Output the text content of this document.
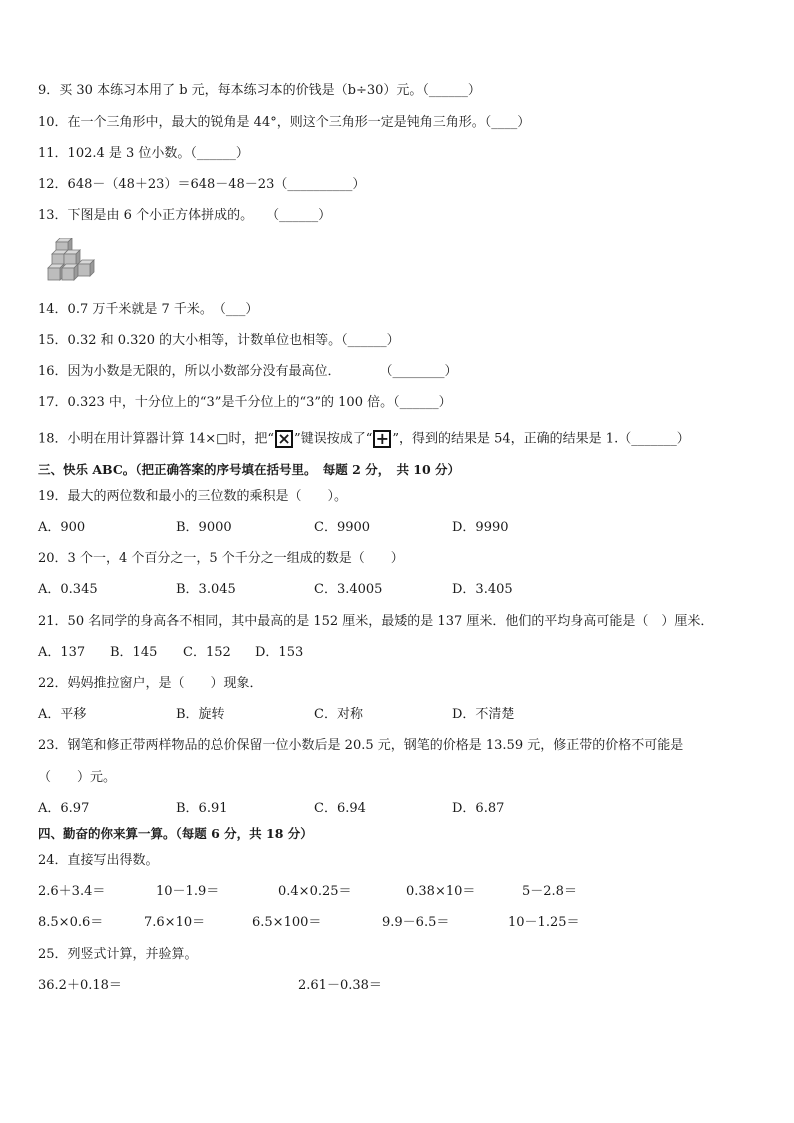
9．买 30 本练习本用了 b 元，每本练习本的价钱是（b÷30）元。（______）
10．在一个三角形中，最大的锐角是 44°，则这个三角形一定是钝角三角形。（____）
11．102.4 是 3 位小数。（______）
12．648－（48＋23）＝648－48－23（__________）
13．下图是由 6 个小正方体拼成的。　　（______）
14．0.7 万千米就是 7 千米。　（___）
15．0.32 和 0.320 的大小相等，计数单位也相等。（______）
16．因为小数是无限的，所以小数部分没有最高位．　　　　（________）
17．0.323 中，十分位上的“3”是千分位上的“3”的 100 倍。（______）
18．小明在用计算器计算 14×□时，把“ × ”键误按成了“ + ”，得到的结果是 54，正确的结果是 1.（_______）
三、快乐 ABC。（把正确答案的序号填在括号里。　每题 2 分，　共 10 分）
19．最大的两位数和最小的三位数的乘积是（　　）。
A．900	B．9000	C．9900	D．9990
20．3 个一，4 个百分之一，5 个千分之一组成的数是（　　）
A．0.345	B．3.045	C．3.4005	D．3.405
21．50 名同学的身高各不相同，其中最高的是 152 厘米，最矮的是 137 厘米．他们的平均身高可能是（　）厘米．
A．137 B．145 C．152 D．153
22．妈妈推拉窗户，是（　　）现象．
A．平移	B．旋转	C．对称	D．不清楚
23．钢笔和修正带两样物品的总价保留一位小数后是 20.5 元，钢笔的价格是 13.59 元，修正带的价格不可能是
（　　）元。
A．6.97	B．6.91	C．6.94	D．6.87
四、勤奋的你来算一算。（每题 6 分，共 18 分）
24．直接写出得数。
2.6＋3.4＝	10－1.9＝	0.4×0.25＝	0.38×10＝	5－2.8＝
8.5×0.6＝	7.6×10＝	6.5×100＝	9.9－6.5＝	10－1.25＝
25．列竖式计算，并验算。
36.2＋0.18＝	2.61－0.38＝
